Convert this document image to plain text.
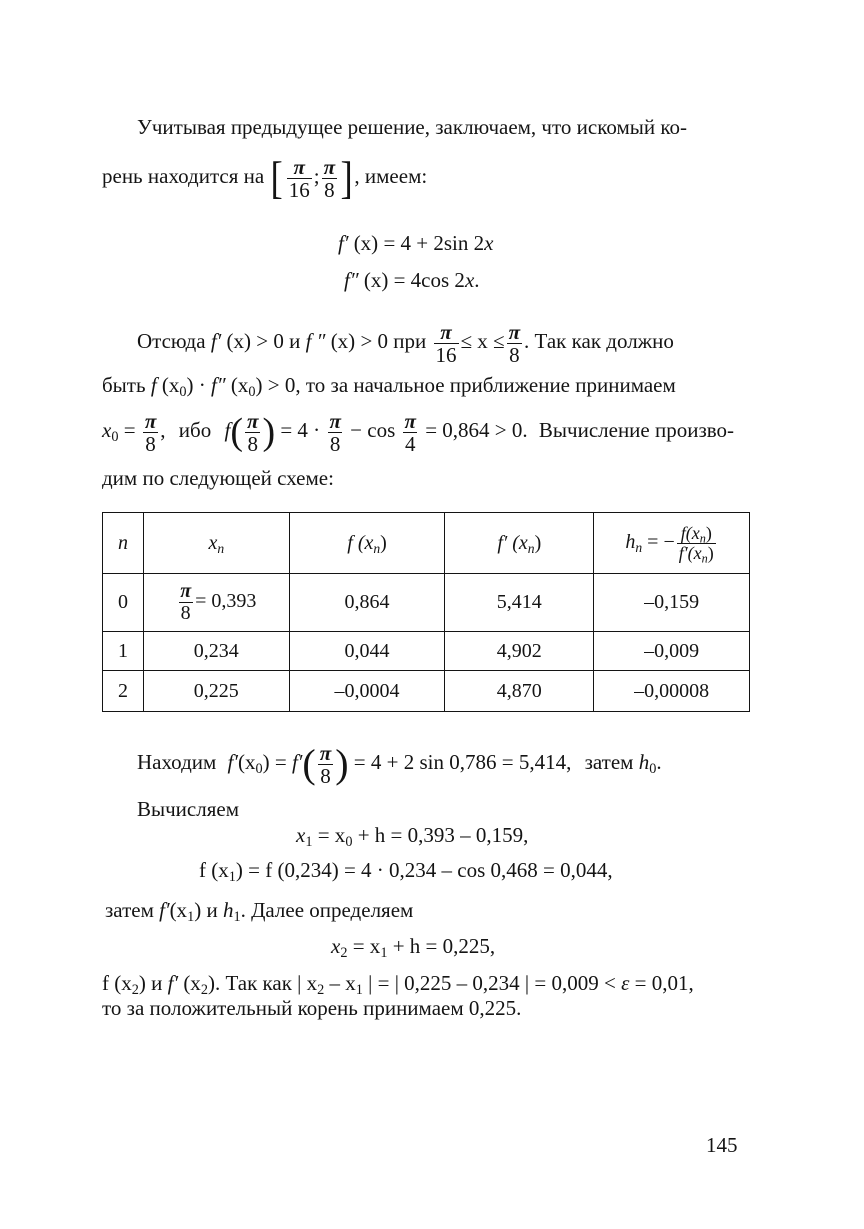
Учитывая предыдущее решение, заключаем, что искомый ко-
рень находится на [ $\frac{\pi}{16}$ ; $\frac{\pi}{8}$ ], имеем:
f′ (x) = 4 + 2sin 2x
f″ (x) = 4cos 2x.
Отсюда f′ (x) > 0 и f ″ (x) > 0 при $\frac{\pi}{16} \le x \le \frac{\pi}{8}$ . Так как должно
быть f $(x_0) \cdot f''$ $(x_0) > 0$, то за начальное приближение принимаем
$x_0 = \frac{\pi}{8}$ , ибо $f( \frac{\pi}{8}$ ) = $4 \cdot \frac{\pi}{8} - \cos \frac{\pi}{4} = 0,864 > 0$. Вычисление произво-
дим по следующей схеме:
n	$x_n$	f $(x_n)$	f′ $(x_n)$	$h_n$ = − $\frac{f(x_n)}{f'(x_n)}$

0	$\frac{\pi}{8} = 0,393$	0,864	5,414	–0,159
1	0,234	0,044	4,902	–0,009
2	0,225	–0,0004	4,870	–0,00008
Находим $f'(x_0) = f'( \frac{\pi}{8}$ ) = 4 + 2 sin 0,786 = 5,414, затем $h_0$.
Вычисляем
$x_1 = x_0 + h = 0,393 - 0,159$,
f $(x_1) = f$ (0,234) = 4 · 0,234 – cos 0,468 = 0,044,
затем $f'(x_1)$ и $h_1$. Далее определяем
$x_2 = x_1 + h = 0,225$,
f $(x_2)$ и f′ $(x_2)$. Так как | $x_2 - x_1$ | = | 0,225 – 0,234 | = 0,009 < ε = 0,01,
то за положительный корень принимаем 0,225.
145
